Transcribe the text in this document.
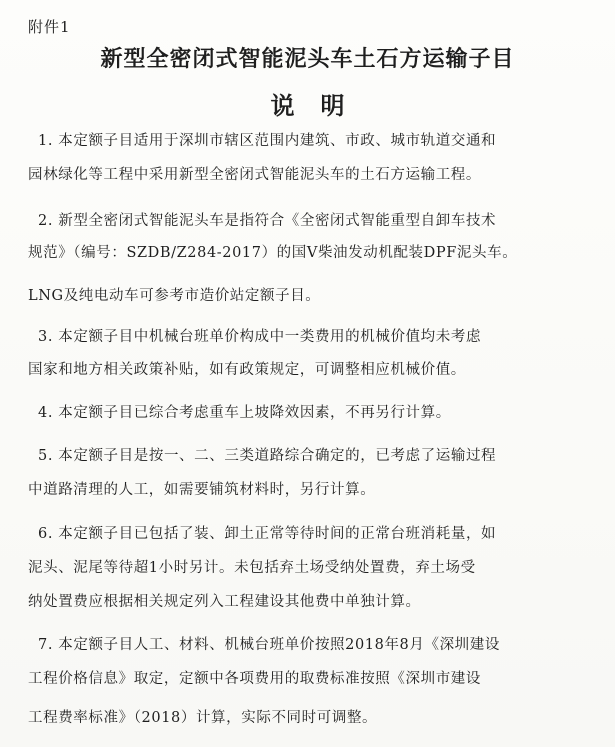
附件1
新型全密闭式智能泥头车土石方运输子目
说明
1. 本定额子目适用于深圳市辖区范围内建筑、市政、城市轨道交通和
园林绿化等工程中采用新型全密闭式智能泥头车的土石方运输工程。
2. 新型全密闭式智能泥头车是指符合《全密闭式智能重型自卸车技术
规范》（编号：SZDB/Z284-2017）的国Ⅴ柴油发动机配装DPF泥头车。
LNG及纯电动车可参考市造价站定额子目。
3. 本定额子目中机械台班单价构成中一类费用的机械价值均未考虑
国家和地方相关政策补贴，如有政策规定，可调整相应机械价值。
4. 本定额子目已综合考虑重车上坡降效因素，不再另行计算。
5. 本定额子目是按一、二、三类道路综合确定的，已考虑了运输过程
中道路清理的人工，如需要铺筑材料时，另行计算。
6. 本定额子目已包括了装、卸土正常等待时间的正常台班消耗量，如
泥头、泥尾等待超1小时另计。未包括弃土场受纳处置费，弃土场受
纳处置费应根据相关规定列入工程建设其他费中单独计算。
7. 本定额子目人工、材料、机械台班单价按照2018年8月《深圳建设
工程价格信息》取定，定额中各项费用的取费标准按照《深圳市建设
工程费率标准》（2018）计算，实际不同时可调整。
